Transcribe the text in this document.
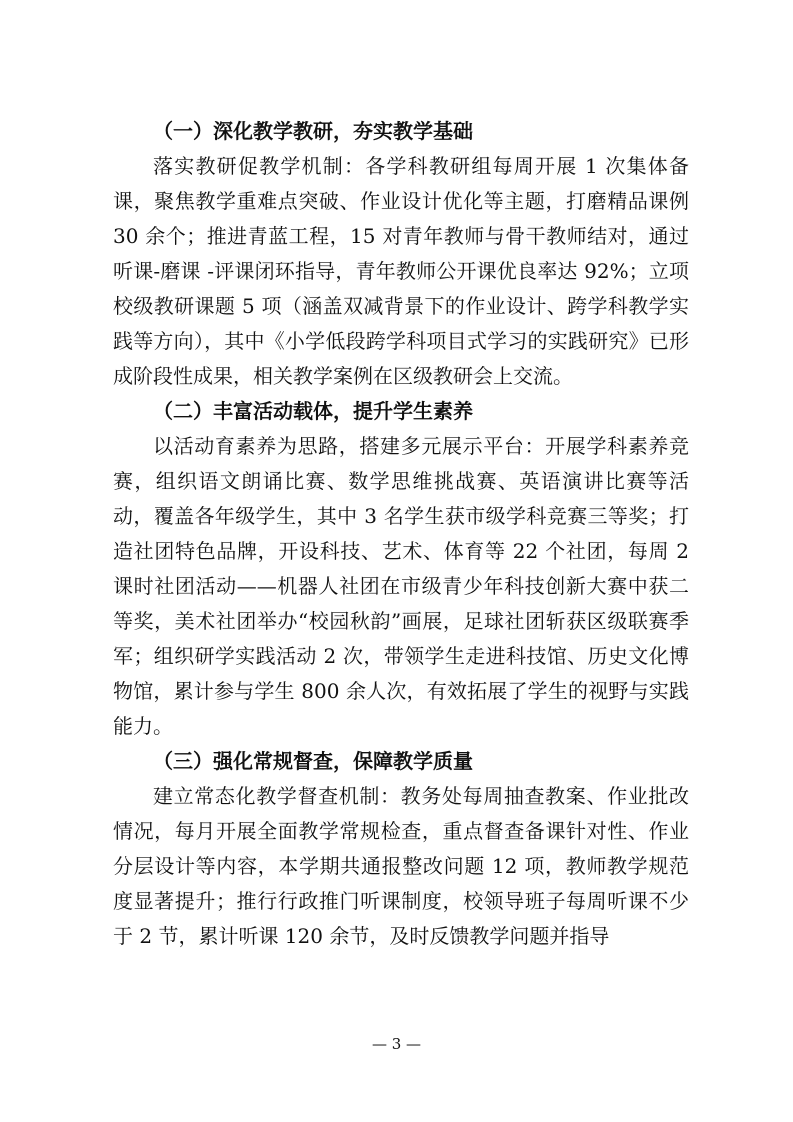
（一）深化教学教研，夯实教学基础

落实教研促教学机制：各学科教研组每周开展 1 次集体备课，聚焦教学重难点突破、作业设计优化等主题，打磨精品课例 30 余个；推进青蓝工程，15 对青年教师与骨干教师结对，通过听课-磨课 -评课闭环指导，青年教师公开课优良率达 92%；立项校级教研课题 5 项（涵盖双减背景下的作业设计、跨学科教学实践等方向），其中《小学低段跨学科项目式学习的实践研究》已形成阶段性成果，相关教学案例在区级教研会上交流。

（二）丰富活动载体，提升学生素养

以活动育素养为思路，搭建多元展示平台：开展学科素养竞赛，组织语文朗诵比赛、数学思维挑战赛、英语演讲比赛等活动，覆盖各年级学生，其中 3 名学生获市级学科竞赛三等奖；打造社团特色品牌，开设科技、艺术、体育等 22 个社团，每周 2 课时社团活动——机器人社团在市级青少年科技创新大赛中获二等奖，美术社团举办“校园秋韵”画展，足球社团斩获区级联赛季军；组织研学实践活动 2 次，带领学生走进科技馆、历史文化博物馆，累计参与学生 800 余人次，有效拓展了学生的视野与实践能力。

（三）强化常规督查，保障教学质量

建立常态化教学督查机制：教务处每周抽查教案、作业批改情况，每月开展全面教学常规检查，重点督查备课针对性、作业分层设计等内容，本学期共通报整改问题 12 项，教师教学规范度显著提升；推行行政推门听课制度，校领导班子每周听课不少于 2 节，累计听课 120 余节，及时反馈教学问题并指导

— 3 —
